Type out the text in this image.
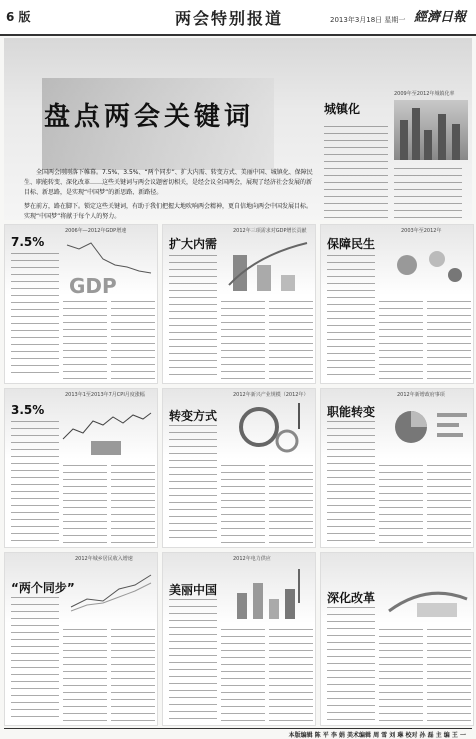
6 版	两会特别报道	2013年3月18日 星期一 經濟日報
盘点两会关键词

全国两会刚刚落下帷幕。7.5%、3.5%、“两个同步”、扩大内需、转变方式、美丽中国、城镇化、保障民生、职能转变、深化改革……这些关键词与两会议题密切相关，是经会议全国两会，展现了经济社会发展的新目标、新思路，是实现“中国梦”的新思路、新路径。

梦在前方，路在脚下。锁定这些关键词，有助于我们把握大地吹响两会精神，更自信地向两会中国发展目标。实现“中国梦”将献于每个人的努力。

城镇化
2009年至2012年城镇化率
7.5%
2006年—2012年GDP增速
GDP
扩大内需
2012年三项需求对GDP增长贡献
保障民生
2003年至2012年
3.5%
2013年1至2013年7月CPI月度涨幅
转变方式
2012年新兴产业规模（2012年）
职能转变
2012年新增政府事项
“两个同步”
2012年城乡居民收入增速
美丽中国
2012年电力供应
深化改革
本版编辑 陈 平 李 娟 美术编辑 周 雪 刘 琳 校对 孙 磊 主 编 王 一
